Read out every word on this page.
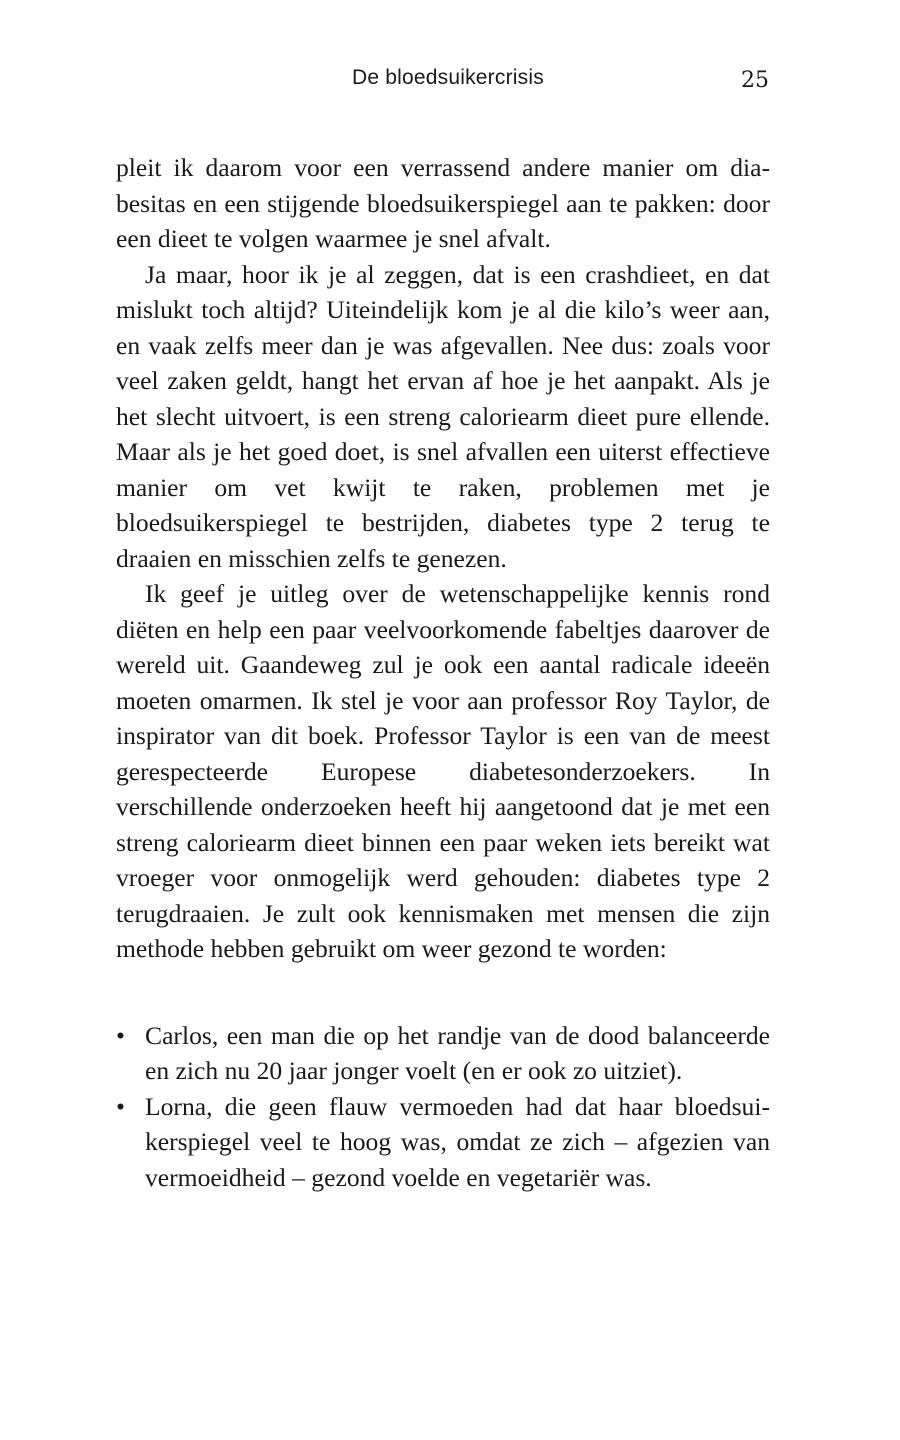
De bloedsuikercrisis	25

pleit ik daarom voor een verrassend andere manier om diabesitas en een stijgende bloedsuikerspiegel aan te pakken: door een dieet te volgen waarmee je snel afvalt.

Ja maar, hoor ik je al zeggen, dat is een crashdieet, en dat mislukt toch altijd? Uiteindelijk kom je al die kilo’s weer aan, en vaak zelfs meer dan je was afgevallen. Nee dus: zoals voor veel zaken geldt, hangt het ervan af hoe je het aanpakt. Als je het slecht uitvoert, is een streng caloriearm dieet pure ellende. Maar als je het goed doet, is snel afvallen een uiterst effectieve manier om vet kwijt te raken, problemen met je bloedsuikerspiegel te bestrijden, diabetes type 2 terug te draaien en misschien zelfs te genezen.

Ik geef je uitleg over de wetenschappelijke kennis rond diëten en help een paar veelvoorkomende fabeltjes daarover de wereld uit. Gaandeweg zul je ook een aantal radicale ideeën moeten omarmen. Ik stel je voor aan professor Roy Taylor, de inspirator van dit boek. Professor Taylor is een van de meest gerespecteerde Europese diabetesonderzoekers. In verschillende onderzoeken heeft hij aangetoond dat je met een streng caloriearm dieet binnen een paar weken iets bereikt wat vroeger voor onmogelijk werd gehouden: diabetes type 2 terugdraaien. Je zult ook kennismaken met mensen die zijn methode hebben gebruikt om weer gezond te worden:

• Carlos, een man die op het randje van de dood balanceerde en zich nu 20 jaar jonger voelt (en er ook zo uitziet).
• Lorna, die geen flauw vermoeden had dat haar bloedsuikerspiegel veel te hoog was, omdat ze zich – afgezien van vermoeidheid – gezond voelde en vegetariër was.
